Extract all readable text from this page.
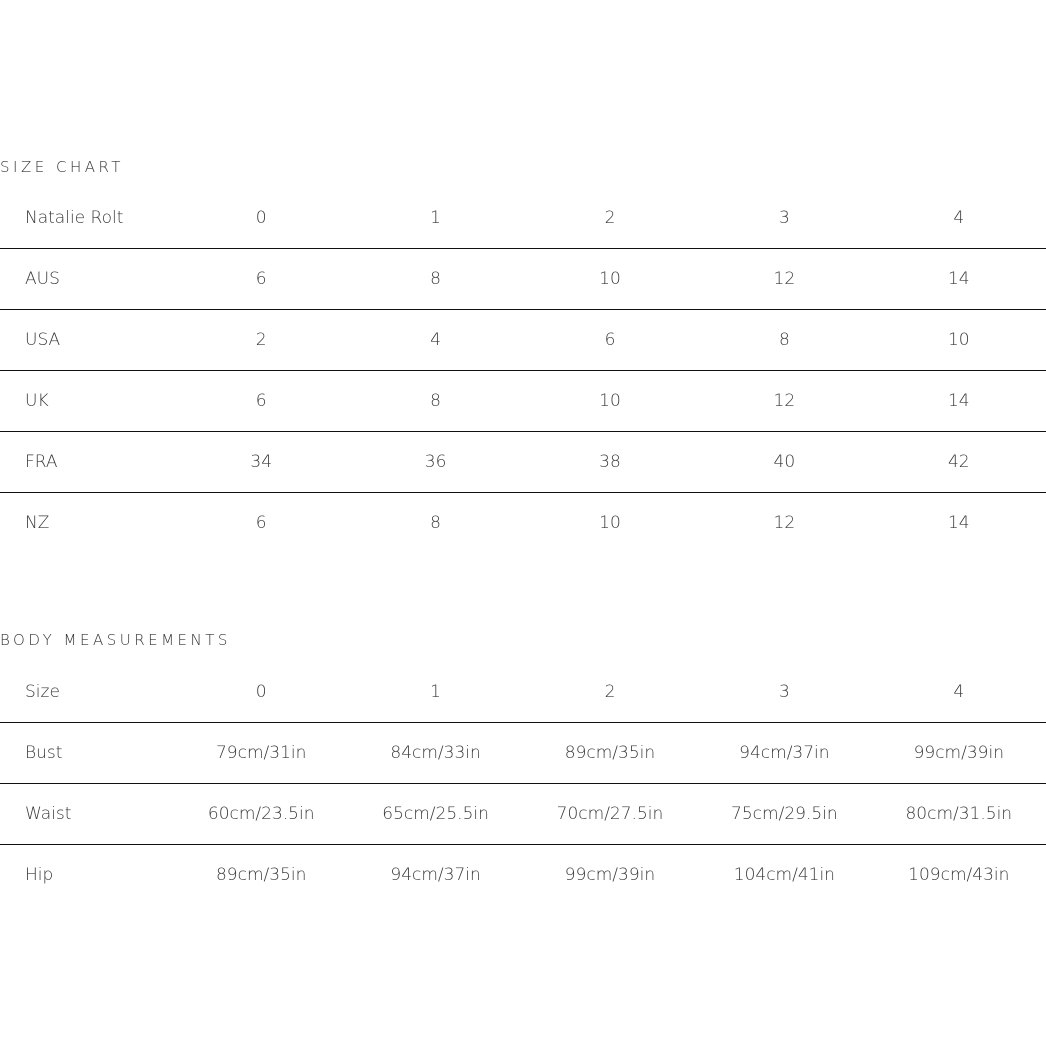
SIZE CHART
Natalie Rolt	0	1	2	3	4
AUS	6	8	10	12	14
USA	2	4	6	8	10
UK	6	8	10	12	14
FRA	34	36	38	40	42
NZ	6	8	10	12	14
BODY MEASUREMENTS
Size	0	1	2	3	4
Bust	79cm/31in	84cm/33in	89cm/35in	94cm/37in	99cm/39in
Waist	60cm/23.5in	65cm/25.5in	70cm/27.5in	75cm/29.5in	80cm/31.5in
Hip	89cm/35in	94cm/37in	99cm/39in	104cm/41in	109cm/43in
